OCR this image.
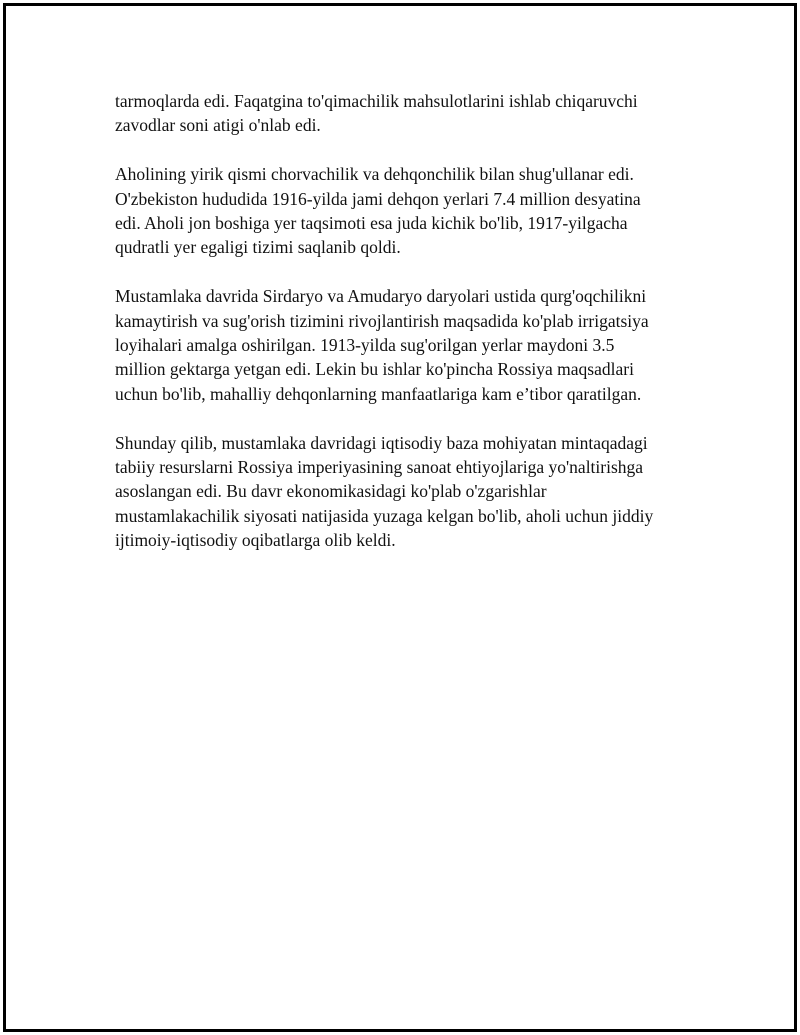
tarmoqlarda edi. Faqatgina to'qimachilik mahsulotlarini ishlab chiqaruvchi
zavodlar soni atigi o'nlab edi.
Aholining yirik qismi chorvachilik va dehqonchilik bilan shug'ullanar edi.
O'zbekiston hududida 1916-yilda jami dehqon yerlari 7.4 million desyatina
edi. Aholi jon boshiga yer taqsimoti esa juda kichik bo'lib, 1917-yilgacha
qudratli yer egaligi tizimi saqlanib qoldi.
Mustamlaka davrida Sirdaryo va Amudaryo daryolari ustida qurg'oqchilikni
kamaytirish va sug'orish tizimini rivojlantirish maqsadida ko'plab irrigatsiya
loyihalari amalga oshirilgan. 1913-yilda sug'orilgan yerlar maydoni 3.5
million gektarga yetgan edi. Lekin bu ishlar ko'pincha Rossiya maqsadlari
uchun bo'lib, mahalliy dehqonlarning manfaatlariga kam e’tibor qaratilgan.
Shunday qilib, mustamlaka davridagi iqtisodiy baza mohiyatan mintaqadagi
tabiiy resurslarni Rossiya imperiyasining sanoat ehtiyojlariga yo'naltirishga
asoslangan edi. Bu davr ekonomikasidagi ko'plab o'zgarishlar
mustamlakachilik siyosati natijasida yuzaga kelgan bo'lib, aholi uchun jiddiy
ijtimoiy-iqtisodiy oqibatlarga olib keldi.
